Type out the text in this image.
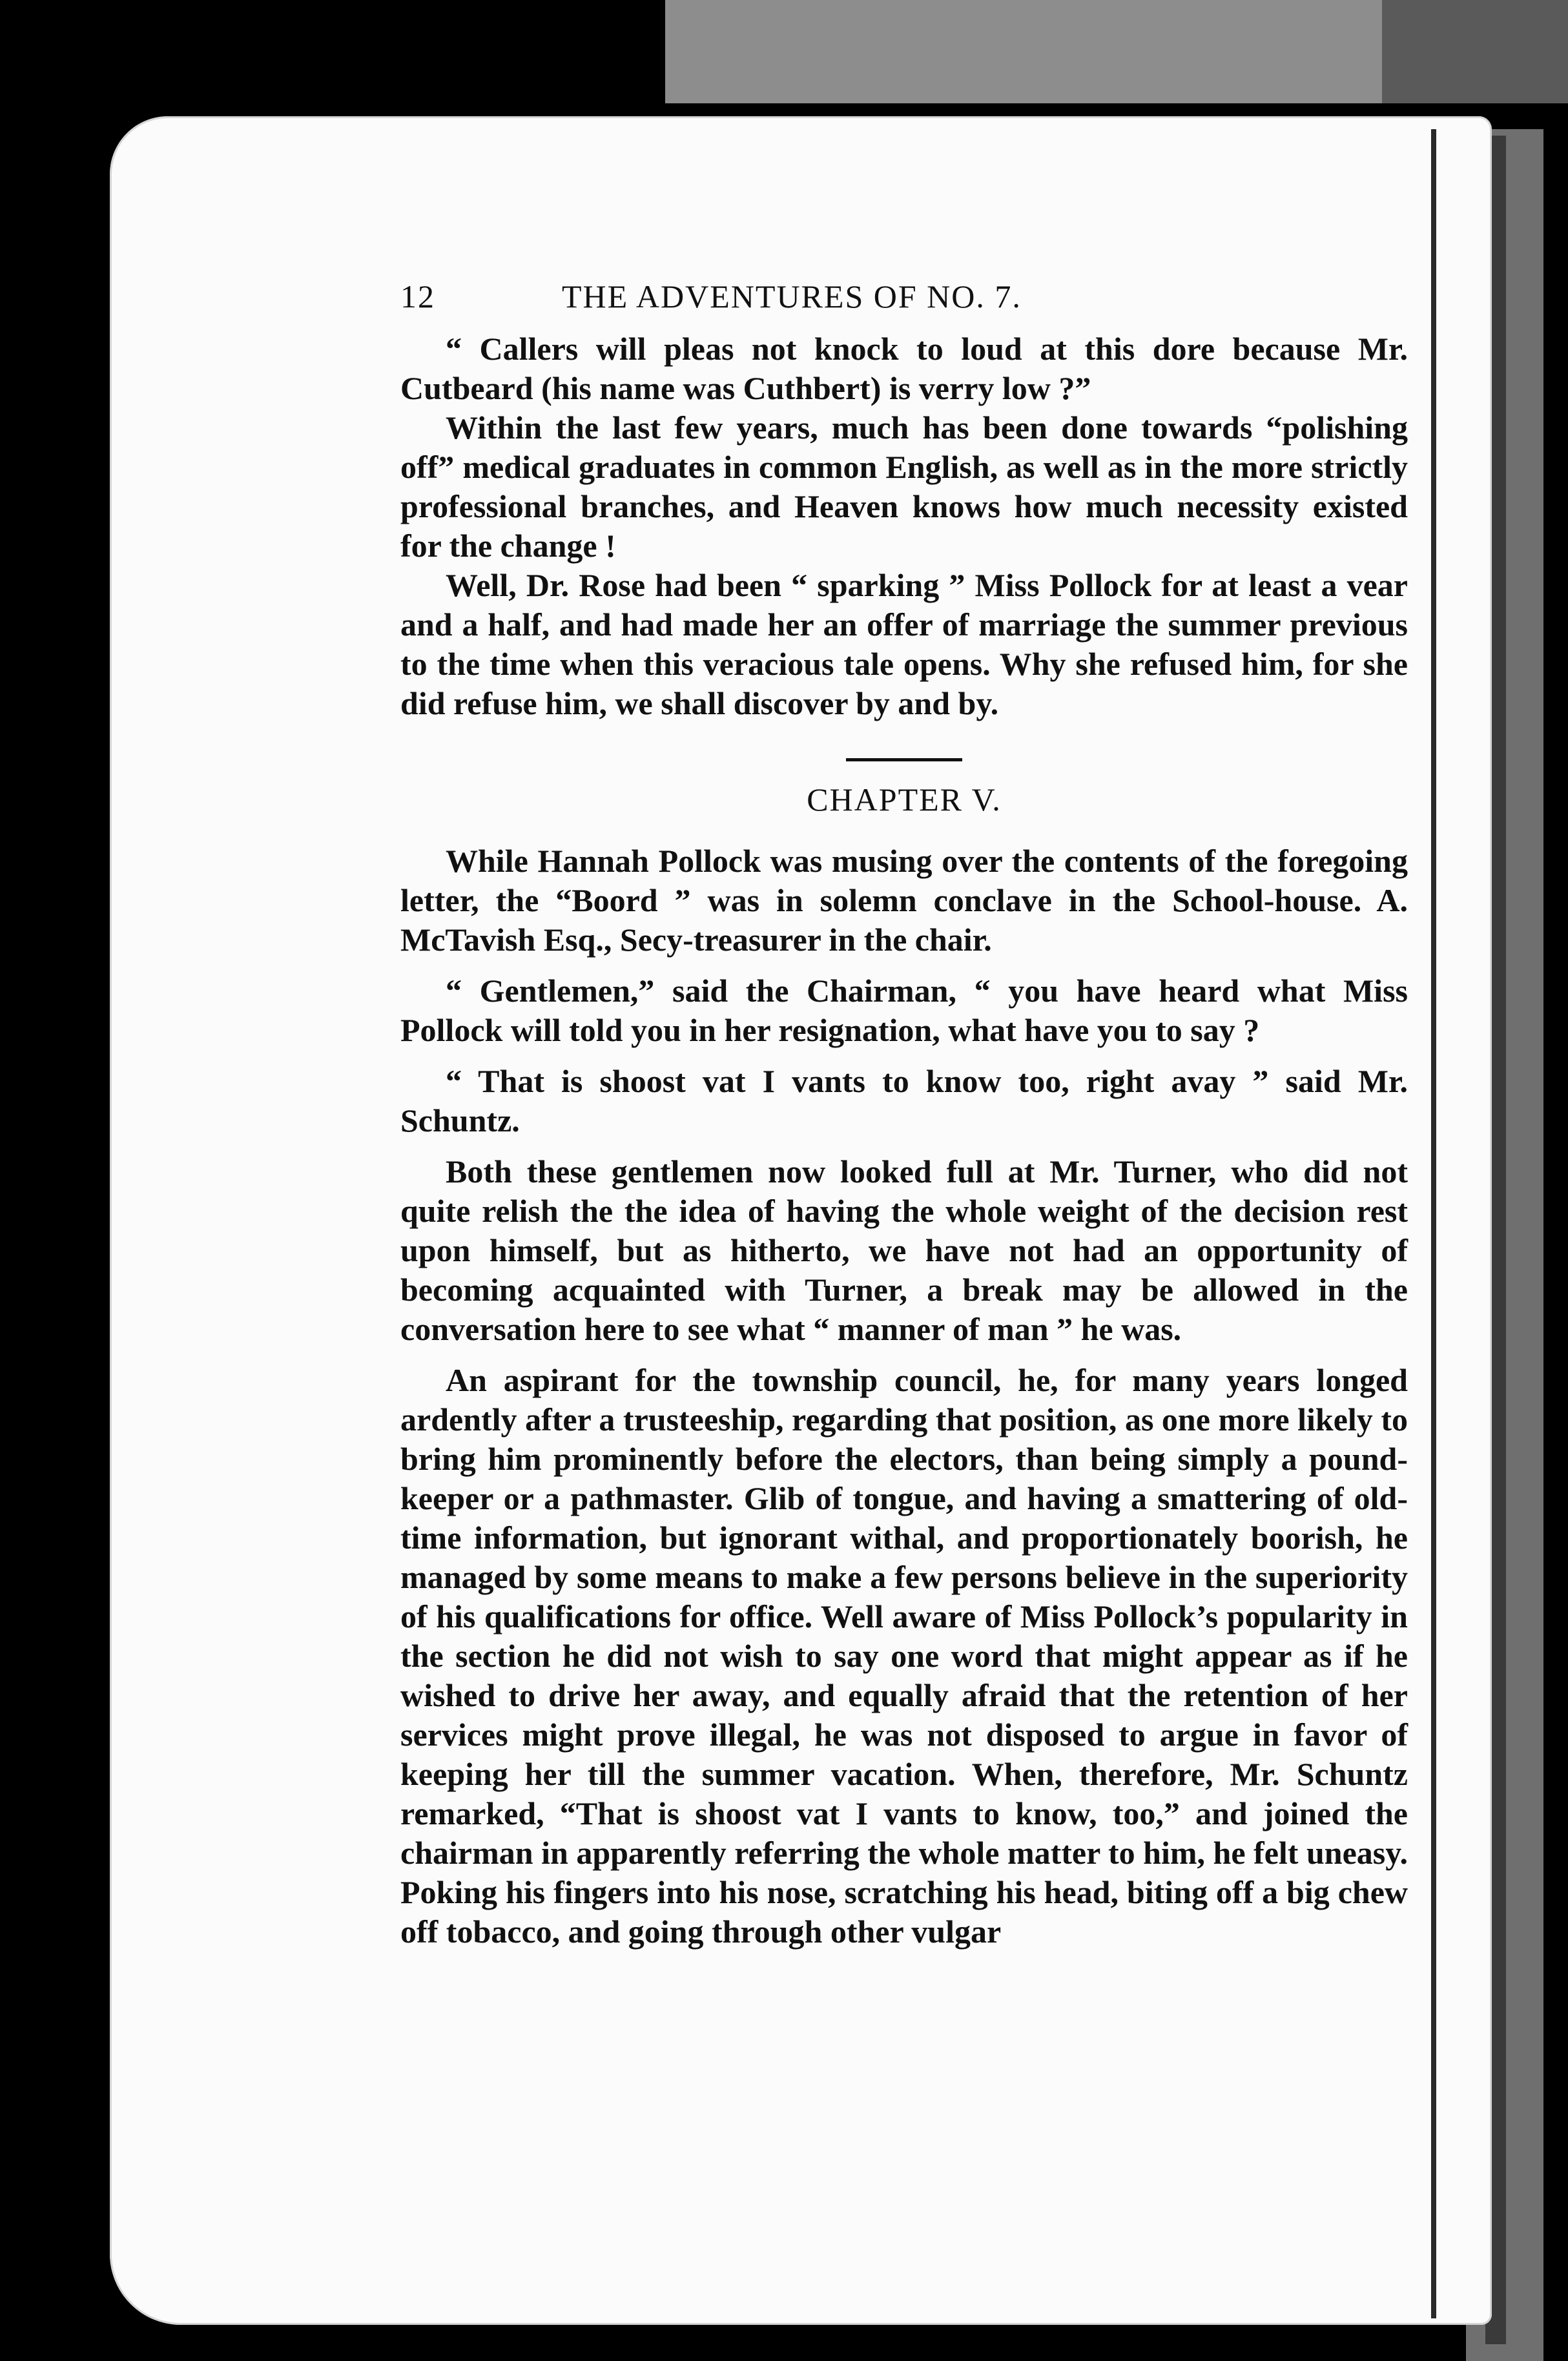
12	THE ADVENTURES OF NO. 7.

“ Callers will pleas not knock to loud at this dore because Mr. Cutbeard (his name was Cuthbert) is verry low ?”

Within the last few years, much has been done towards “polishing off” medical graduates in common English, as well as in the more strictly professional branches, and Heaven knows how much necessity existed for the change !

Well, Dr. Rose had been “ sparking ” Miss Pollock for at least a vear and a half, and had made her an offer of marriage the summer previous to the time when this veracious tale opens. Why she refused him, for she did refuse him, we shall discover by and by.

CHAPTER V.

While Hannah Pollock was musing over the contents of the foregoing letter, the “Boord ” was in solemn conclave in the School-house. A. McTavish Esq., Secy-treasurer in the chair.

“ Gentlemen,” said the Chairman, “ you have heard what Miss Pollock will told you in her resignation, what have you to say ?

“ That is shoost vat I vants to know too, right avay ” said Mr. Schuntz.

Both these gentlemen now looked full at Mr. Turner, who did not quite relish the the idea of having the whole weight of the decision rest upon himself, but as hitherto, we have not had an opportunity of becoming acquainted with Turner, a break may be allowed in the conversation here to see what “ manner of man ” he was.

An aspirant for the township council, he, for many years longed ardently after a trusteeship, regarding that position, as one more likely to bring him prominently before the electors, than being simply a pound-keeper or a pathmaster. Glib of tongue, and having a smattering of old-time information, but ignorant withal, and proportionately boorish, he managed by some means to make a few persons believe in the superiority of his qualifications for office. Well aware of Miss Pollock’s popularity in the section he did not wish to say one word that might appear as if he wished to drive her away, and equally afraid that the retention of her services might prove illegal, he was not disposed to argue in favor of keeping her till the summer vacation. When, therefore, Mr. Schuntz remarked, “That is shoost vat I vants to know, too,” and joined the chairman in apparently referring the whole matter to him, he felt uneasy. Poking his fingers into his nose, scratching his head, biting off a big chew off tobacco, and going through other vulgar
